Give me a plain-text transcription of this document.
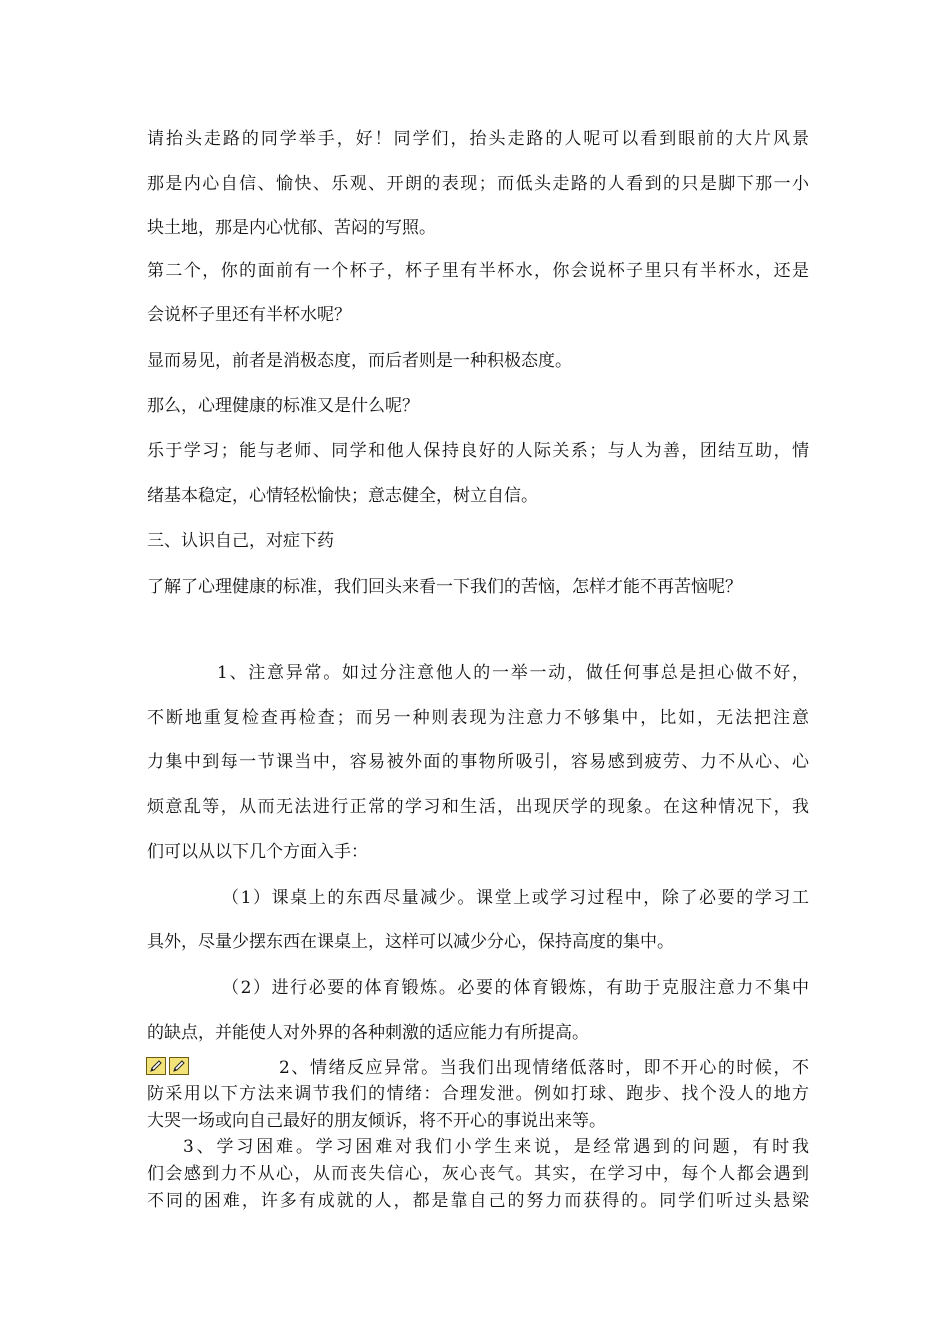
请抬头走路的同学举手，好！同学们，抬头走路的人呢可以看到眼前的大片风景
那是内心自信、愉快、乐观、开朗的表现；而低头走路的人看到的只是脚下那一小
块土地，那是内心忧郁、苦闷的写照。
第二个，你的面前有一个杯子，杯子里有半杯水，你会说杯子里只有半杯水，还是
会说杯子里还有半杯水呢？
显而易见，前者是消极态度，而后者则是一种积极态度。
那么，心理健康的标准又是什么呢？
乐于学习；能与老师、同学和他人保持良好的人际关系；与人为善，团结互助，情
绪基本稳定，心情轻松愉快；意志健全，树立自信。
三、认识自己，对症下药
了解了心理健康的标准，我们回头来看一下我们的苦恼，怎样才能不再苦恼呢？
1、注意异常。如过分注意他人的一举一动，做任何事总是担心做不好，
不断地重复检查再检查；而另一种则表现为注意力不够集中，比如，无法把注意
力集中到每一节课当中，容易被外面的事物所吸引，容易感到疲劳、力不从心、心
烦意乱等，从而无法进行正常的学习和生活，出现厌学的现象。在这种情况下，我
们可以从以下几个方面入手：
（1）课桌上的东西尽量减少。课堂上或学习过程中，除了必要的学习工
具外，尽量少摆东西在课桌上，这样可以减少分心，保持高度的集中。
（2）进行必要的体育锻炼。必要的体育锻炼，有助于克服注意力不集中
的缺点，并能使人对外界的各种刺激的适应能力有所提高。
2、情绪反应异常。当我们出现情绪低落时，即不开心的时候，不
防采用以下方法来调节我们的情绪：合理发泄。例如打球、跑步、找个没人的地方
大哭一场或向自己最好的朋友倾诉，将不开心的事说出来等。
3、学习困难。学习困难对我们小学生来说，是经常遇到的问题，有时我
们会感到力不从心，从而丧失信心，灰心丧气。其实，在学习中，每个人都会遇到
不同的困难，许多有成就的人，都是靠自己的努力而获得的。同学们听过头悬梁
